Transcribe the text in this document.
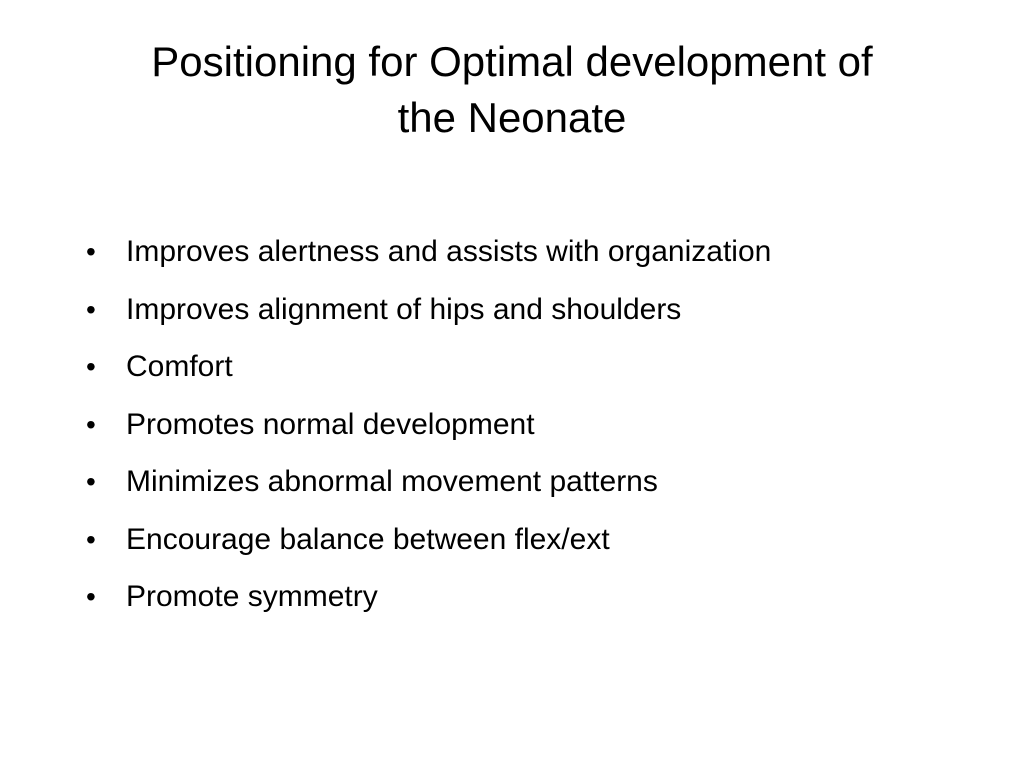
Positioning for Optimal development of
the Neonate
•	Improves alertness and assists with organization
•	Improves alignment of hips and shoulders
•	Comfort
•	Promotes normal development
•	Minimizes abnormal movement patterns
•	Encourage balance between flex/ext
•	Promote symmetry
